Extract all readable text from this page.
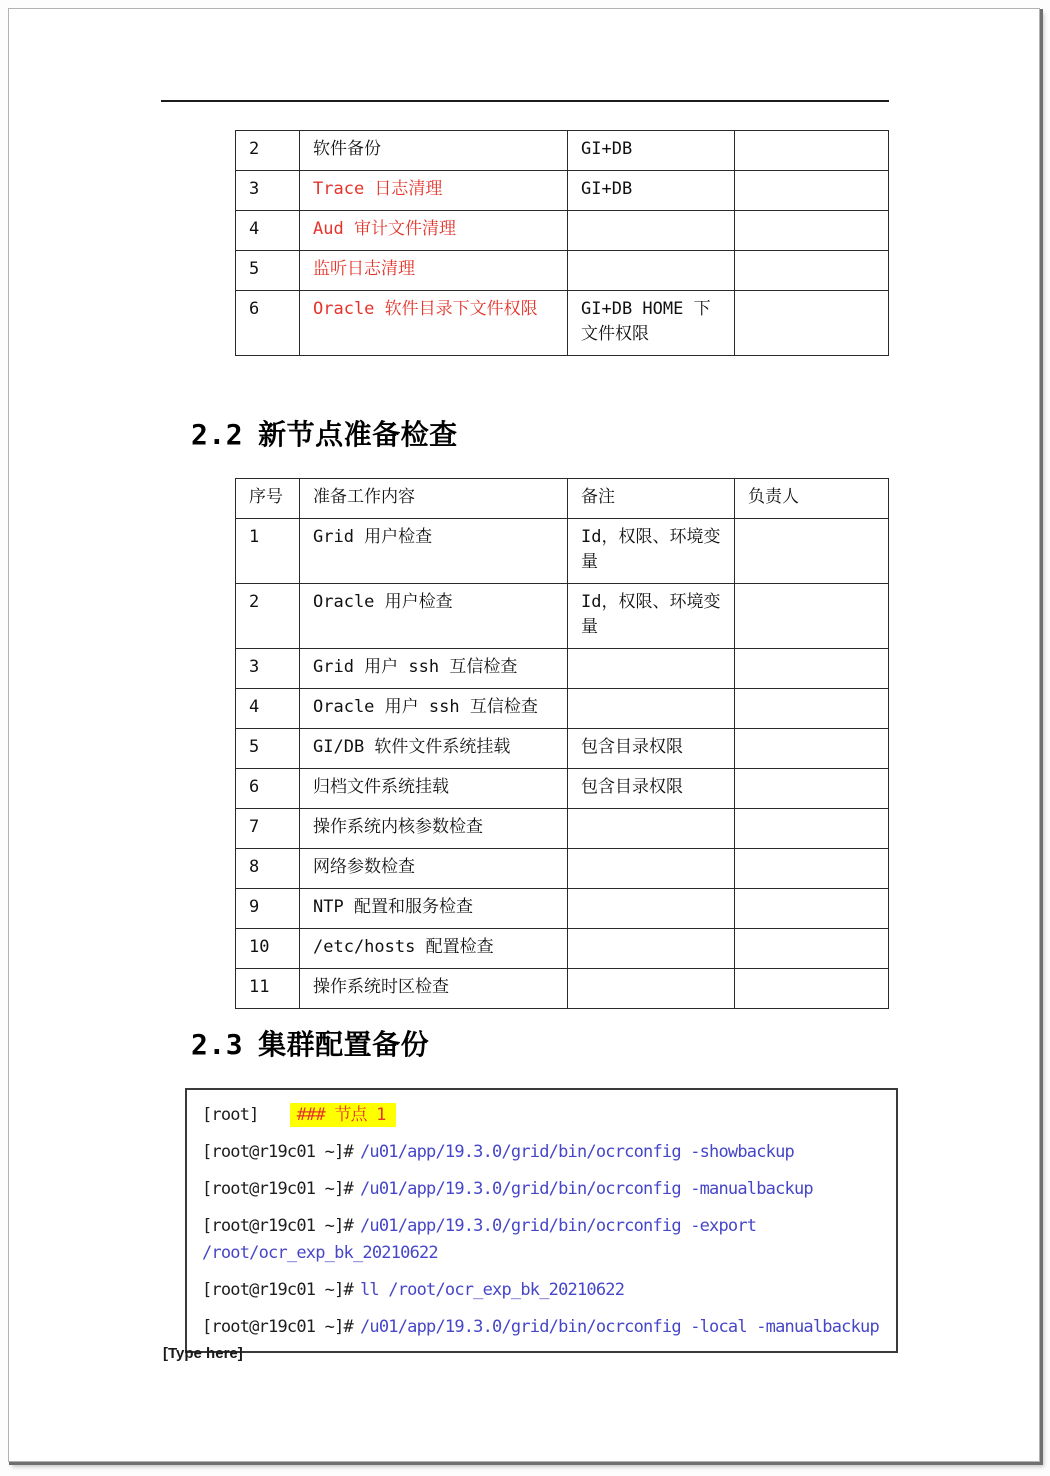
2	软件备份	GI+DB	
3	Trace 日志清理	GI+DB	
4	Aud 审计文件清理		
5	监听日志清理		
6	Oracle 软件目录下文件权限	GI+DB HOME 下文件权限	
2.2 新节点准备检查
序号	准备工作内容	备注	负责人
1	Grid 用户检查	Id，权限、环境变量	
2	Oracle 用户检查	Id，权限、环境变量	
3	Grid 用户 ssh 互信检查		
4	Oracle 用户 ssh 互信检查		
5	GI/DB 软件文件系统挂载	包含目录权限	
6	归档文件系统挂载	包含目录权限	
7	操作系统内核参数检查		
8	网络参数检查		
9	NTP 配置和服务检查		
10	/etc/hosts 配置检查		
11	操作系统时区检查		
2.3 集群配置备份
[root] ### 节点 1
[root@r19c01 ~]# /u01/app/19.3.0/grid/bin/ocrconfig -showbackup
[root@r19c01 ~]# /u01/app/19.3.0/grid/bin/ocrconfig -manualbackup
[root@r19c01 ~]# /u01/app/19.3.0/grid/bin/ocrconfig -export
/root/ocr_exp_bk_20210622
[root@r19c01 ~]# ll /root/ocr_exp_bk_20210622
[root@r19c01 ~]# /u01/app/19.3.0/grid/bin/ocrconfig -local -manualbackup
[Type here]
